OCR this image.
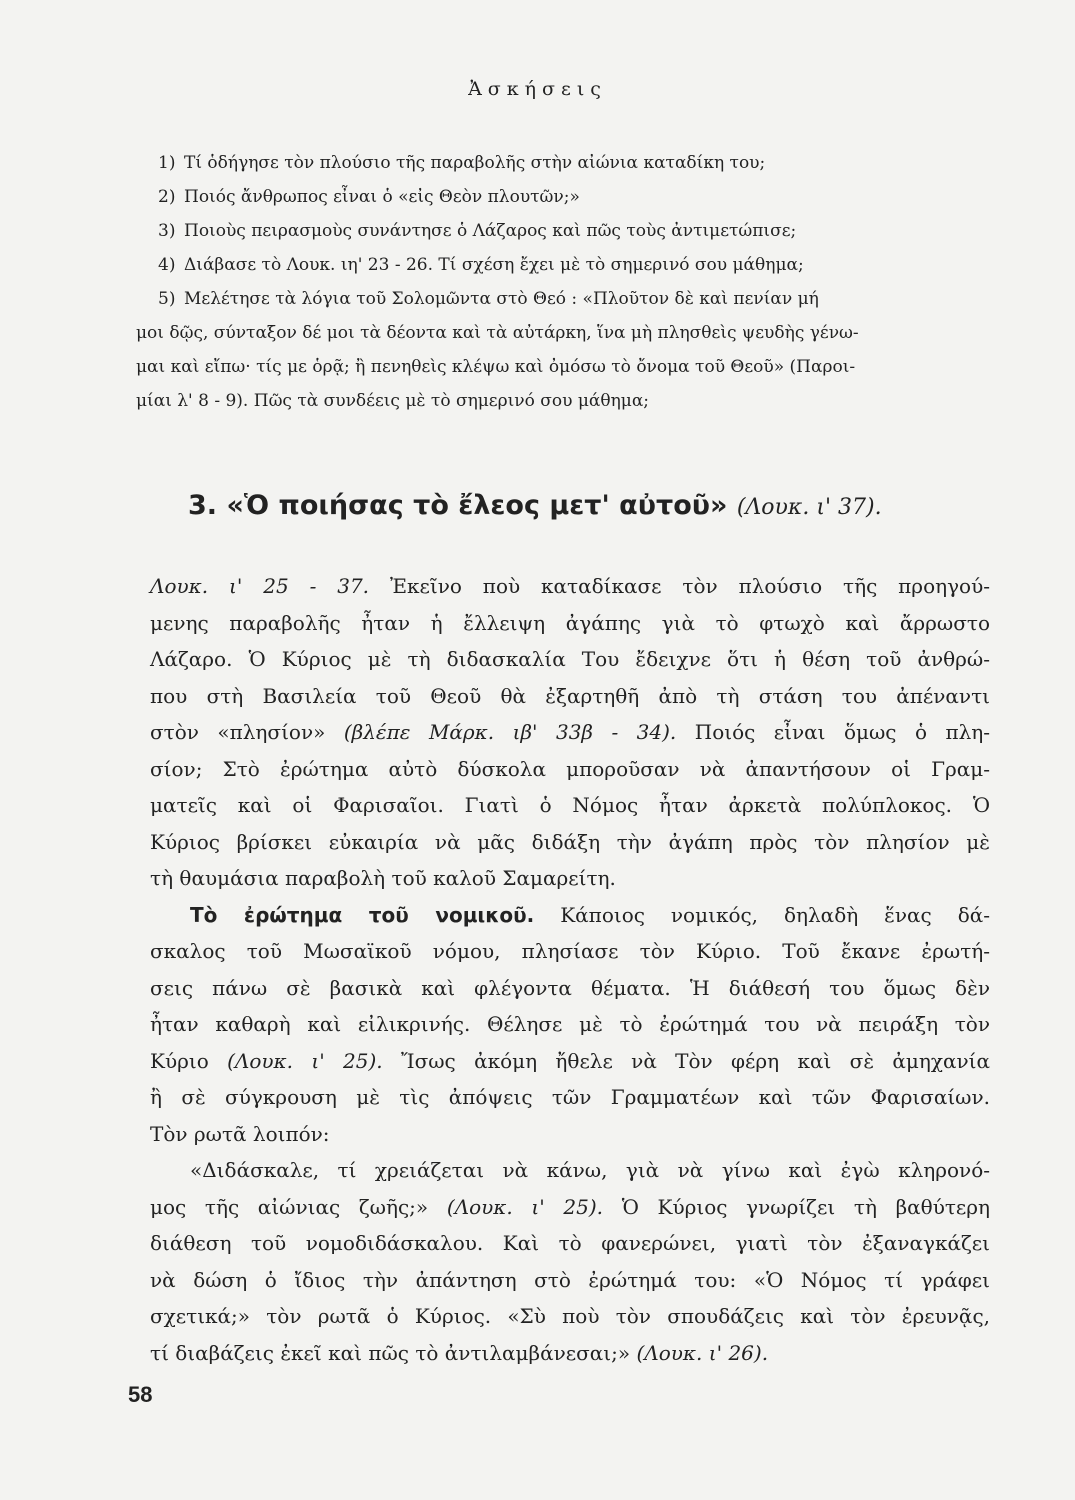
Ἀσκήσεις
1) Τί ὁδήγησε τὸν πλούσιο τῆς παραβολῆς στὴν αἰώνια καταδίκη του;
2) Ποιός ἄνθρωπος εἶναι ὁ «εἰς Θεὸν πλουτῶν;»
3) Ποιοὺς πειρασμοὺς συνάντησε ὁ Λάζαρος καὶ πῶς τοὺς ἀντιμετώπισε;
4) Διάβασε τὸ Λουκ. ιη' 23 - 26. Τί σχέση ἔχει μὲ τὸ σημερινό σου μάθημα;
5) Μελέτησε τὰ λόγια τοῦ Σολομῶντα στὸ Θεό : «Πλοῦτον δὲ καὶ πενίαν μή
μοι δῷς, σύνταξον δέ μοι τὰ δέοντα καὶ τὰ αὐτάρκη, ἵνα μὴ πλησθεὶς ψευδὴς γένω-
μαι καὶ εἴπω· τίς με ὁρᾷ; ἢ πενηθεὶς κλέψω καὶ ὀμόσω τὸ ὄνομα τοῦ Θεοῦ» (Παροι-
μίαι λ' 8 - 9). Πῶς τὰ συνδέεις μὲ τὸ σημερινό σου μάθημα;
3. «Ὁ ποιήσας τὸ ἔλεος μετ' αὐτοῦ» (Λουκ. ι' 37).
Λουκ. ι' 25 - 37. Ἐκεῖνο ποὺ καταδίκασε τὸν πλούσιο τῆς προηγού-
μενης παραβολῆς ἦταν ἡ ἔλλειψη ἀγάπης γιὰ τὸ φτωχὸ καὶ ἄρρωστο
Λάζαρο. Ὁ Κύριος μὲ τὴ διδασκαλία Του ἔδειχνε ὅτι ἡ θέση τοῦ ἀνθρώ-
που στὴ Βασιλεία τοῦ Θεοῦ θὰ ἐξαρτηθῆ ἀπὸ τὴ στάση του ἀπέναντι
στὸν «πλησίον» (βλέπε Μάρκ. ιβ' 33β - 34). Ποιός εἶναι ὅμως ὁ πλη-
σίον; Στὸ ἐρώτημα αὐτὸ δύσκολα μποροῦσαν νὰ ἀπαντήσουν οἱ Γραμ-
ματεῖς καὶ οἱ Φαρισαῖοι. Γιατὶ ὁ Νόμος ἦταν ἀρκετὰ πολύπλοκος. Ὁ
Κύριος βρίσκει εὐκαιρία νὰ μᾶς διδάξη τὴν ἀγάπη πρὸς τὸν πλησίον μὲ
τὴ θαυμάσια παραβολὴ τοῦ καλοῦ Σαμαρείτη.
Τὸ ἐρώτημα τοῦ νομικοῦ. Κάποιος νομικός, δηλαδὴ ἕνας δά-
σκαλος τοῦ Μωσαϊκοῦ νόμου, πλησίασε τὸν Κύριο. Τοῦ ἔκανε ἐρωτή-
σεις πάνω σὲ βασικὰ καὶ φλέγοντα θέματα. Ἡ διάθεσή του ὅμως δὲν
ἦταν καθαρὴ καὶ εἰλικρινής. Θέλησε μὲ τὸ ἐρώτημά του νὰ πειράξη τὸν
Κύριο (Λουκ. ι' 25). Ἴσως ἀκόμη ἤθελε νὰ Τὸν φέρη καὶ σὲ ἀμηχανία
ἢ σὲ σύγκρουση μὲ τὶς ἀπόψεις τῶν Γραμματέων καὶ τῶν Φαρισαίων.
Τὸν ρωτᾶ λοιπόν:
«Διδάσκαλε, τί χρειάζεται νὰ κάνω, γιὰ νὰ γίνω καὶ ἐγὼ κληρονό-
μος τῆς αἰώνιας ζωῆς;» (Λουκ. ι' 25). Ὁ Κύριος γνωρίζει τὴ βαθύτερη
διάθεση τοῦ νομοδιδάσκαλου. Καὶ τὸ φανερώνει, γιατὶ τὸν ἐξαναγκάζει
νὰ δώση ὁ ἴδιος τὴν ἀπάντηση στὸ ἐρώτημά του: «Ὁ Νόμος τί γράφει
σχετικά;» τὸν ρωτᾶ ὁ Κύριος. «Σὺ ποὺ τὸν σπουδάζεις καὶ τὸν ἐρευνᾷς,
τί διαβάζεις ἐκεῖ καὶ πῶς τὸ ἀντιλαμβάνεσαι;» (Λουκ. ι' 26).
58
